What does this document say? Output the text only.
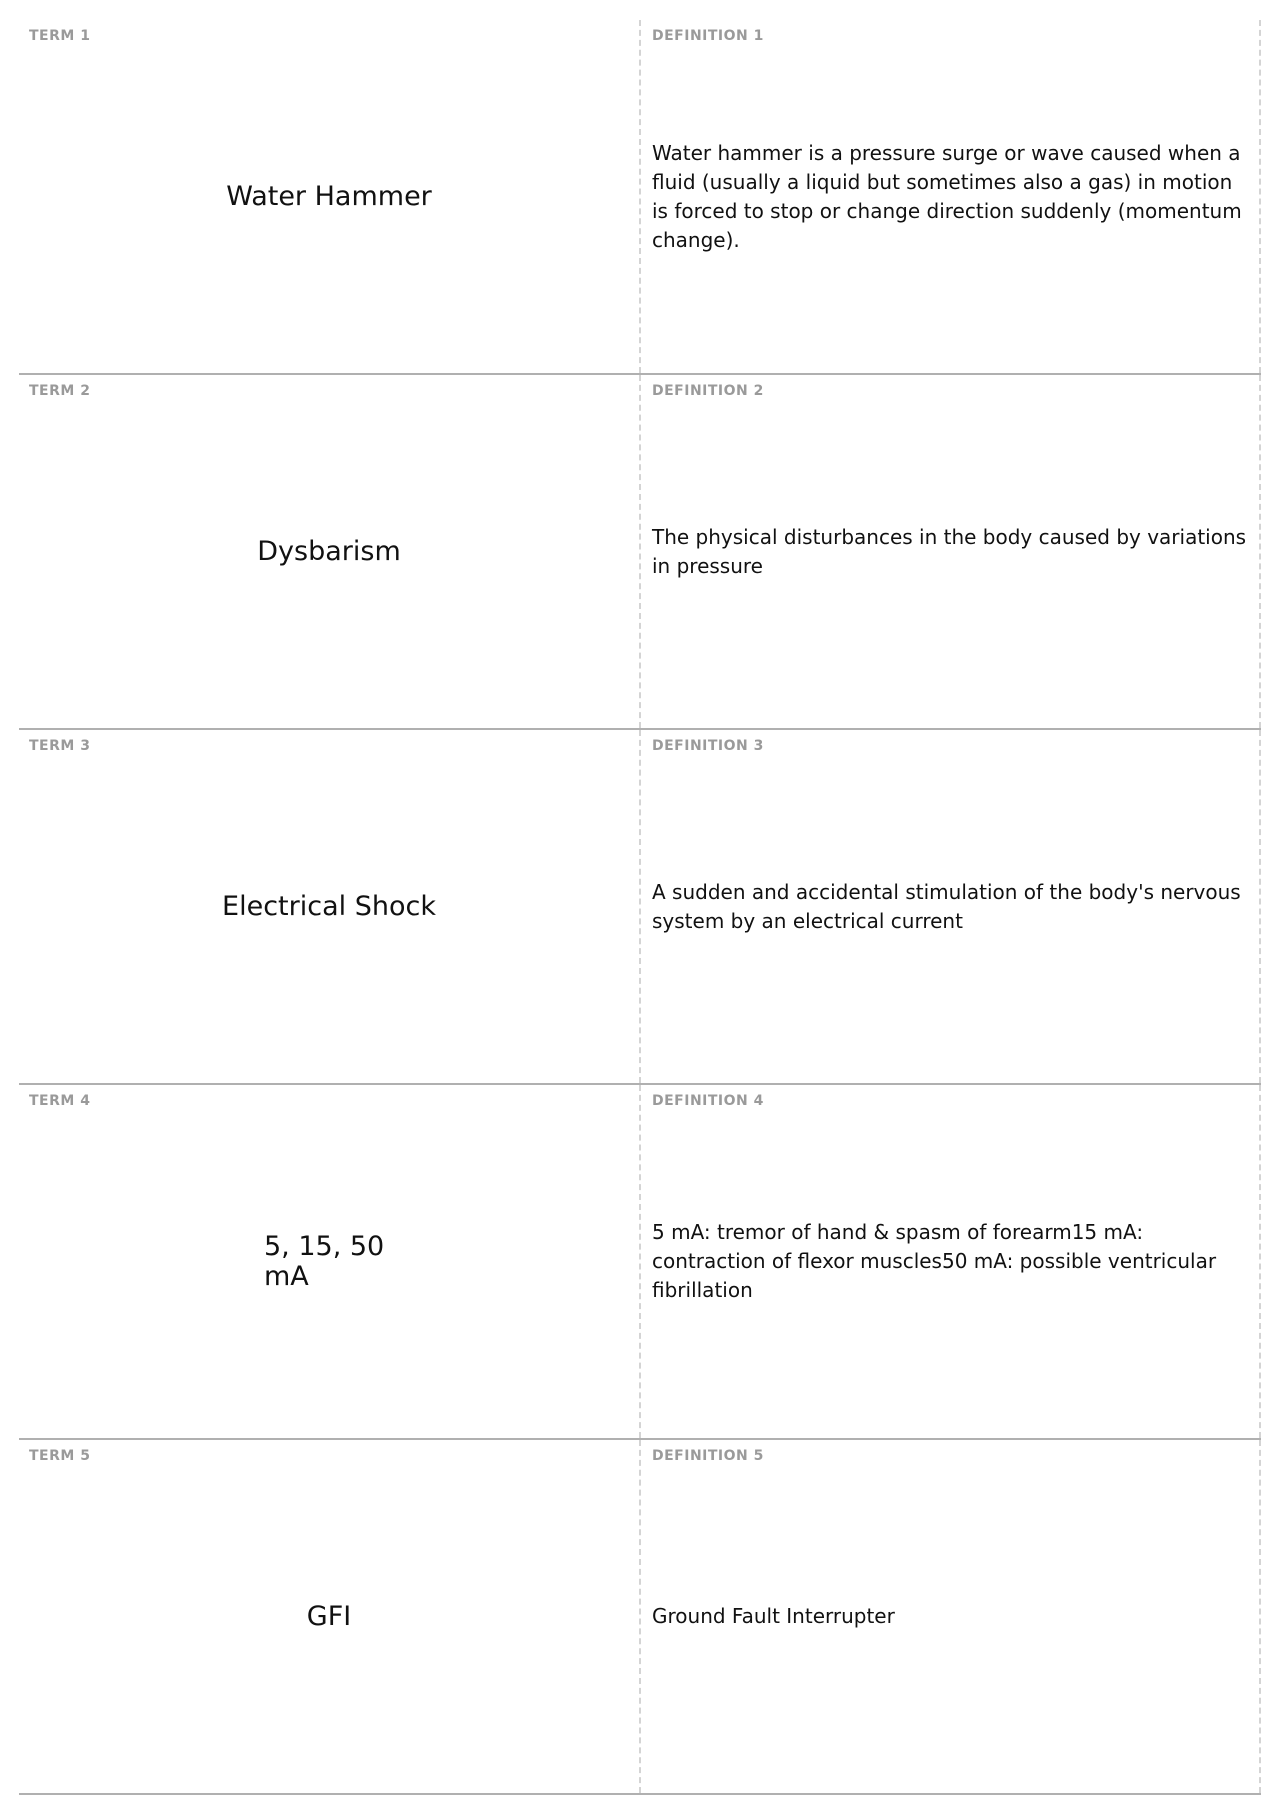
TERM 1
Water Hammer
DEFINITION 1
Water hammer is a pressure surge or wave caused when a fluid (usually a liquid but sometimes also a gas) in motion is forced to stop or change direction suddenly (momentum change).
TERM 2
Dysbarism
DEFINITION 2
The physical disturbances in the body caused by variations in pressure
TERM 3
Electrical Shock
DEFINITION 3
A sudden and accidental stimulation of the body's nervous system by an electrical current
TERM 4
5, 15, 50 mA
DEFINITION 4
5 mA: tremor of hand & spasm of forearm15 mA: contraction of flexor muscles50 mA: possible ventricular fibrillation
TERM 5
GFI
DEFINITION 5
Ground Fault Interrupter
